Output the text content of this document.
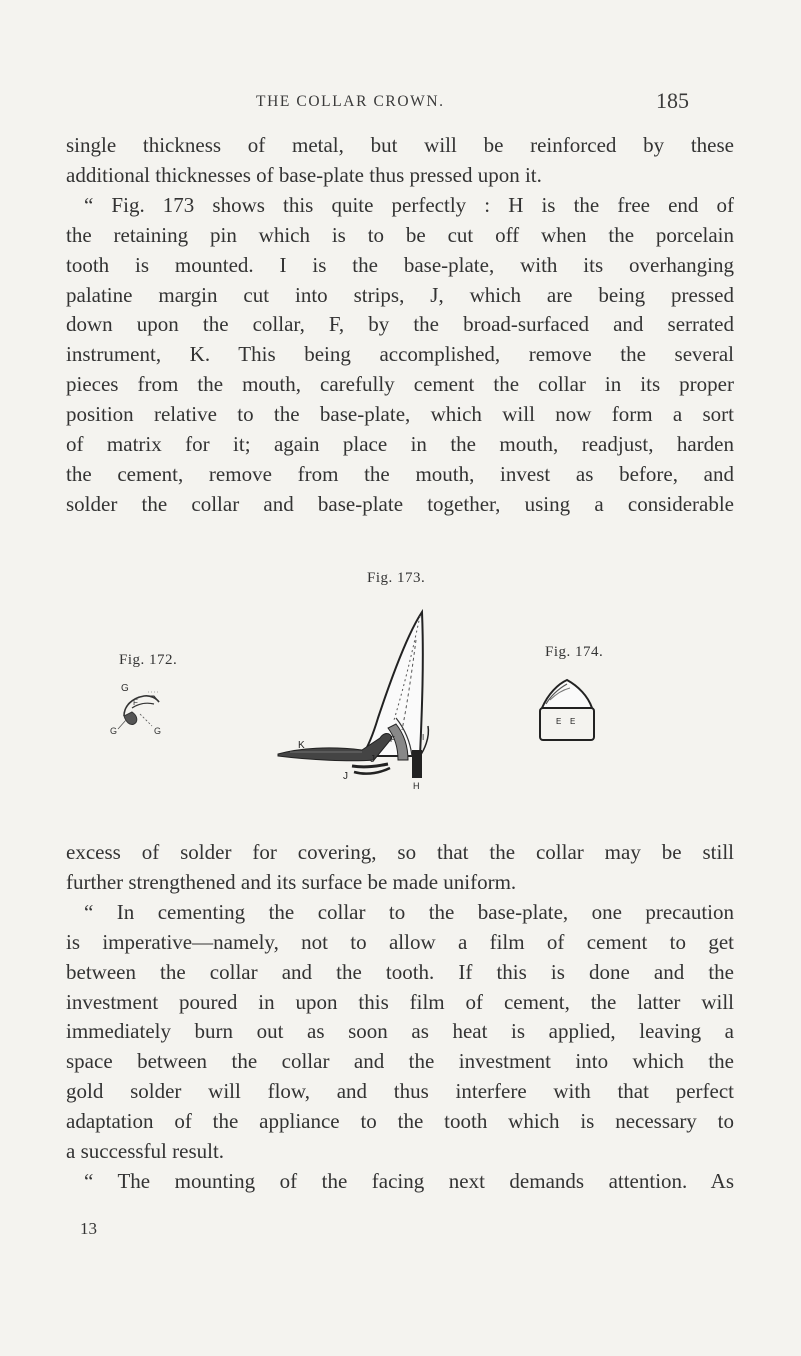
THE COLLAR CROWN.	185
single thickness of metal, but will be reinforced by these
additional thicknesses of base-plate thus pressed upon it.
“ Fig. 173 shows this quite perfectly : H is the free end of
the retaining pin which is to be cut off when the porcelain
tooth is mounted. I is the base-plate, with its overhanging
palatine margin cut into strips, J, which are being pressed
down upon the collar, F, by the broad-surfaced and serrated
instrument, K. This being accomplished, remove the several
pieces from the mouth, carefully cement the collar in its proper
position relative to the base-plate, which will now form a sort
of matrix for it; again place in the mouth, readjust, harden
the cement, remove from the mouth, invest as before, and
solder the collar and base-plate together, using a considerable
Fig. 173.
Fig. 172.	Fig. 174.
G
F
G	G
K
J
J
F	I
H
E E
excess of solder for covering, so that the collar may be still
further strengthened and its surface be made uniform.
“ In cementing the collar to the base-plate, one precaution
is imperative—namely, not to allow a film of cement to get
between the collar and the tooth. If this is done and the
investment poured in upon this film of cement, the latter will
immediately burn out as soon as heat is applied, leaving a
space between the collar and the investment into which the
gold solder will flow, and thus interfere with that perfect
adaptation of the appliance to the tooth which is necessary to
a successful result.
“ The mounting of the facing next demands attention. As
13
